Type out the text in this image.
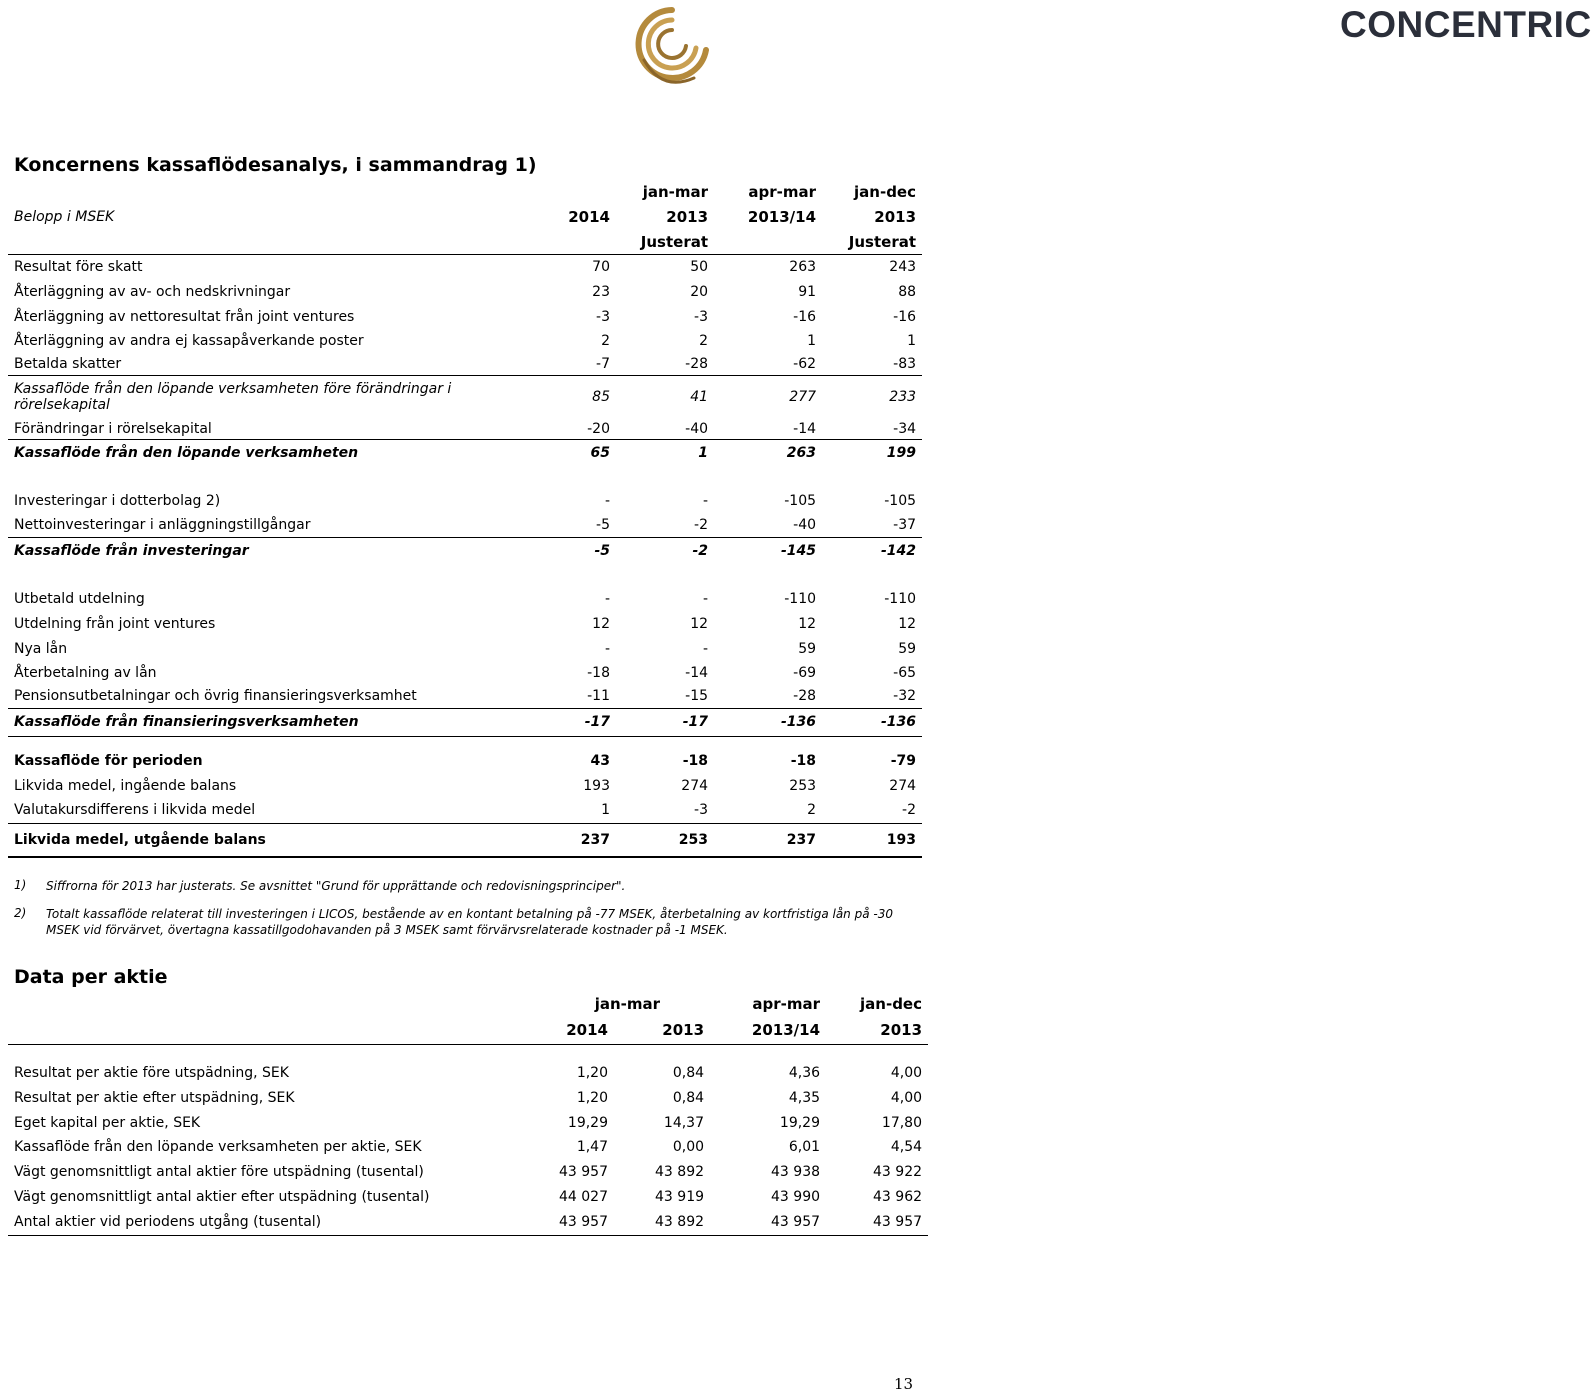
CONCENTRIC
Koncernens kassaflödesanalys, i sammandrag 1)
	jan-mar		apr-mar	jan-dec
Belopp i MSEK	2014	2013	2013/14	2013
		Justerat		Justerat
Resultat före skatt	70	50	263	243
Återläggning av av- och nedskrivningar	23	20	91	88
Återläggning av nettoresultat från joint ventures	-3	-3	-16	-16
Återläggning av andra ej kassapåverkande poster	2	2	1	1
Betalda skatter	-7	-28	-62	-83
Kassaflöde från den löpande verksamheten före förändringar i rörelsekapital	85	41	277	233
Förändringar i rörelsekapital	-20	-40	-14	-34
Kassaflöde från den löpande verksamheten	65	1	263	199

Investeringar i dotterbolag 2)	-	-	-105	-105
Nettoinvesteringar i anläggningstillgångar	-5	-2	-40	-37
Kassaflöde från investeringar	-5	-2	-145	-142

Utbetald utdelning	-	-	-110	-110
Utdelning från joint ventures	12	12	12	12
Nya lån	-	-	59	59
Återbetalning av lån	-18	-14	-69	-65
Pensionsutbetalningar och övrig finansieringsverksamhet	-11	-15	-28	-32
Kassaflöde från finansieringsverksamheten	-17	-17	-136	-136

Kassaflöde för perioden	43	-18	-18	-79
Likvida medel, ingående balans	193	274	253	274
Valutakursdifferens i likvida medel	1	-3	2	-2
Likvida medel, utgående balans	237	253	237	193
1) Siffrorna för 2013 har justerats. Se avsnittet "Grund för upprättande och redovisningsprinciper".
2) Totalt kassaflöde relaterat till investeringen i LICOS, bestående av en kontant betalning på -77 MSEK, återbetalning av kortfristiga lån på -30 MSEK vid förvärvet, övertagna kassatillgodohavanden på 3 MSEK samt förvärvsrelaterade kostnader på -1 MSEK.
Data per aktie
	jan-mar		apr-mar	jan-dec
	2014	2013	2013/14	2013

Resultat per aktie före utspädning, SEK	1,20	0,84	4,36	4,00
Resultat per aktie efter utspädning, SEK	1,20	0,84	4,35	4,00
Eget kapital per aktie, SEK	19,29	14,37	19,29	17,80
Kassaflöde från den löpande verksamheten per aktie, SEK	1,47	0,00	6,01	4,54
Vägt genomsnittligt antal aktier före utspädning (tusental)	43 957	43 892	43 938	43 922
Vägt genomsnittligt antal aktier efter utspädning (tusental)	44 027	43 919	43 990	43 962
Antal aktier vid periodens utgång (tusental)	43 957	43 892	43 957	43 957
13
